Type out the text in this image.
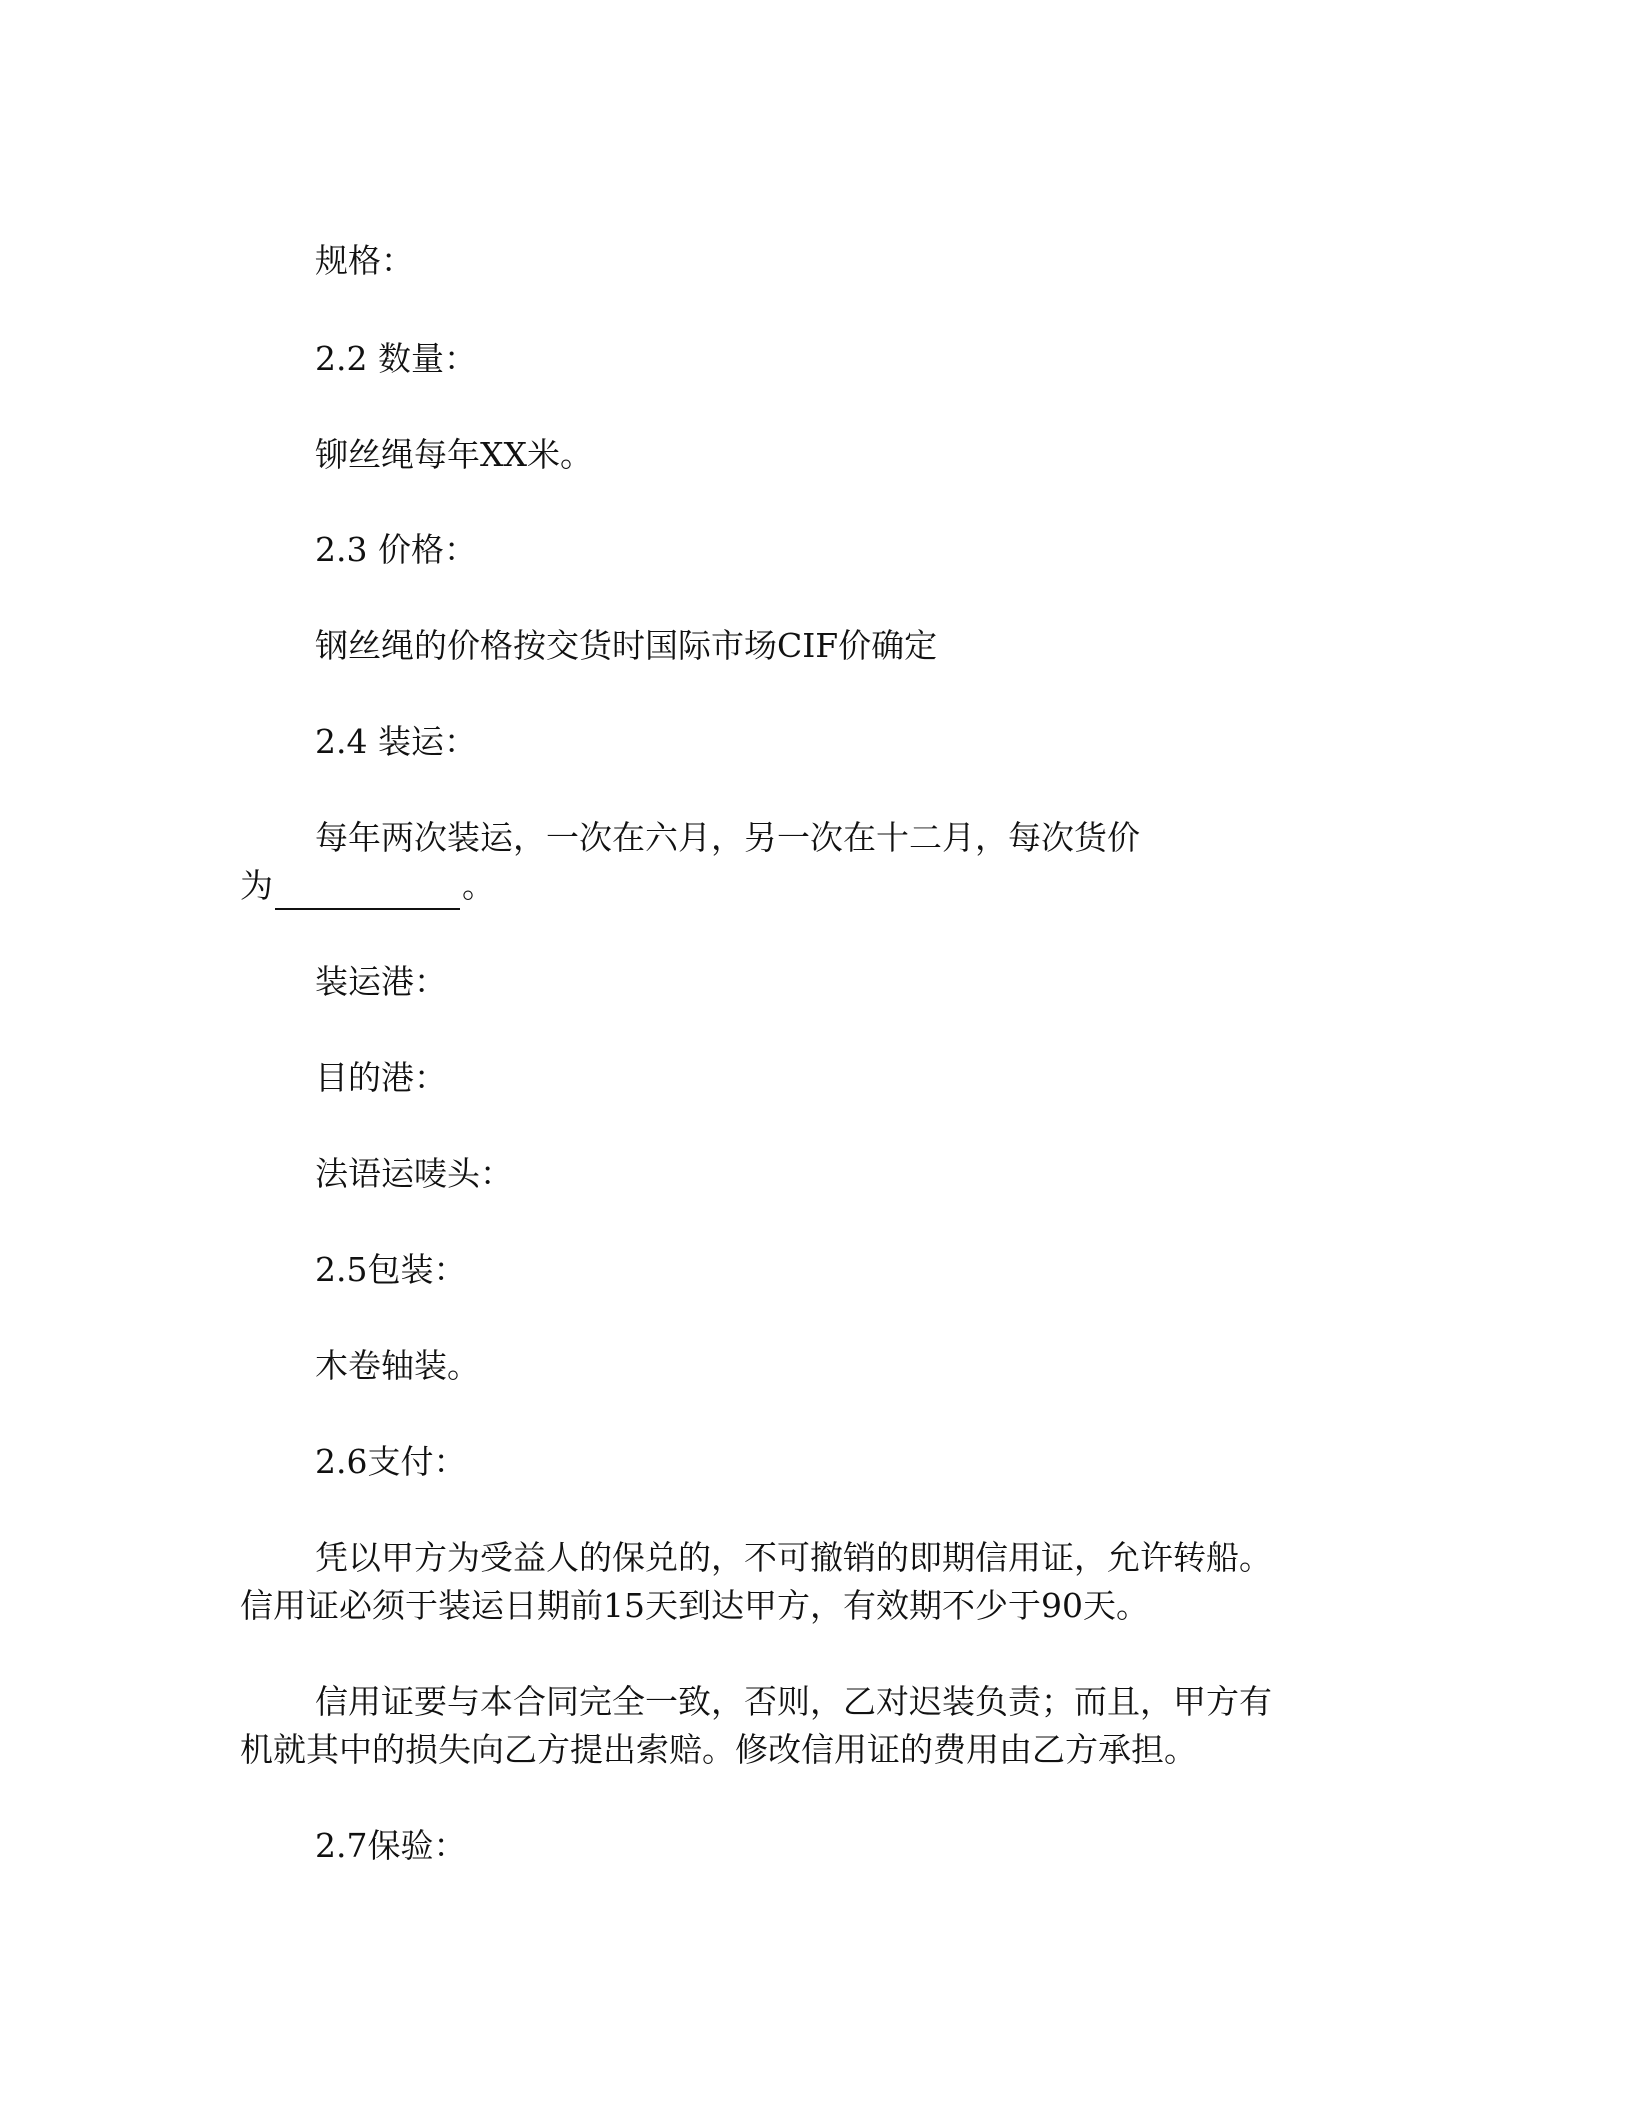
规格：
2.2 数量：
铆丝绳每年XX米。
2.3 价格：
钢丝绳的价格按交货时国际市场CIF价确定
2.4 装运：
每年两次装运，一次在六月，另一次在十二月，每次货价
为	。
装运港：
目的港：
法语运唛头：
2.5包装：
木卷轴装。
2.6支付：
凭以甲方为受益人的保兑的，不可撤销的即期信用证，允许转船。
信用证必须于装运日期前15天到达甲方，有效期不少于90天。
信用证要与本合同完全一致，否则，乙对迟装负责；而且，甲方有
机就其中的损失向乙方提出索赔。修改信用证的费用由乙方承担。
2.7保验：
